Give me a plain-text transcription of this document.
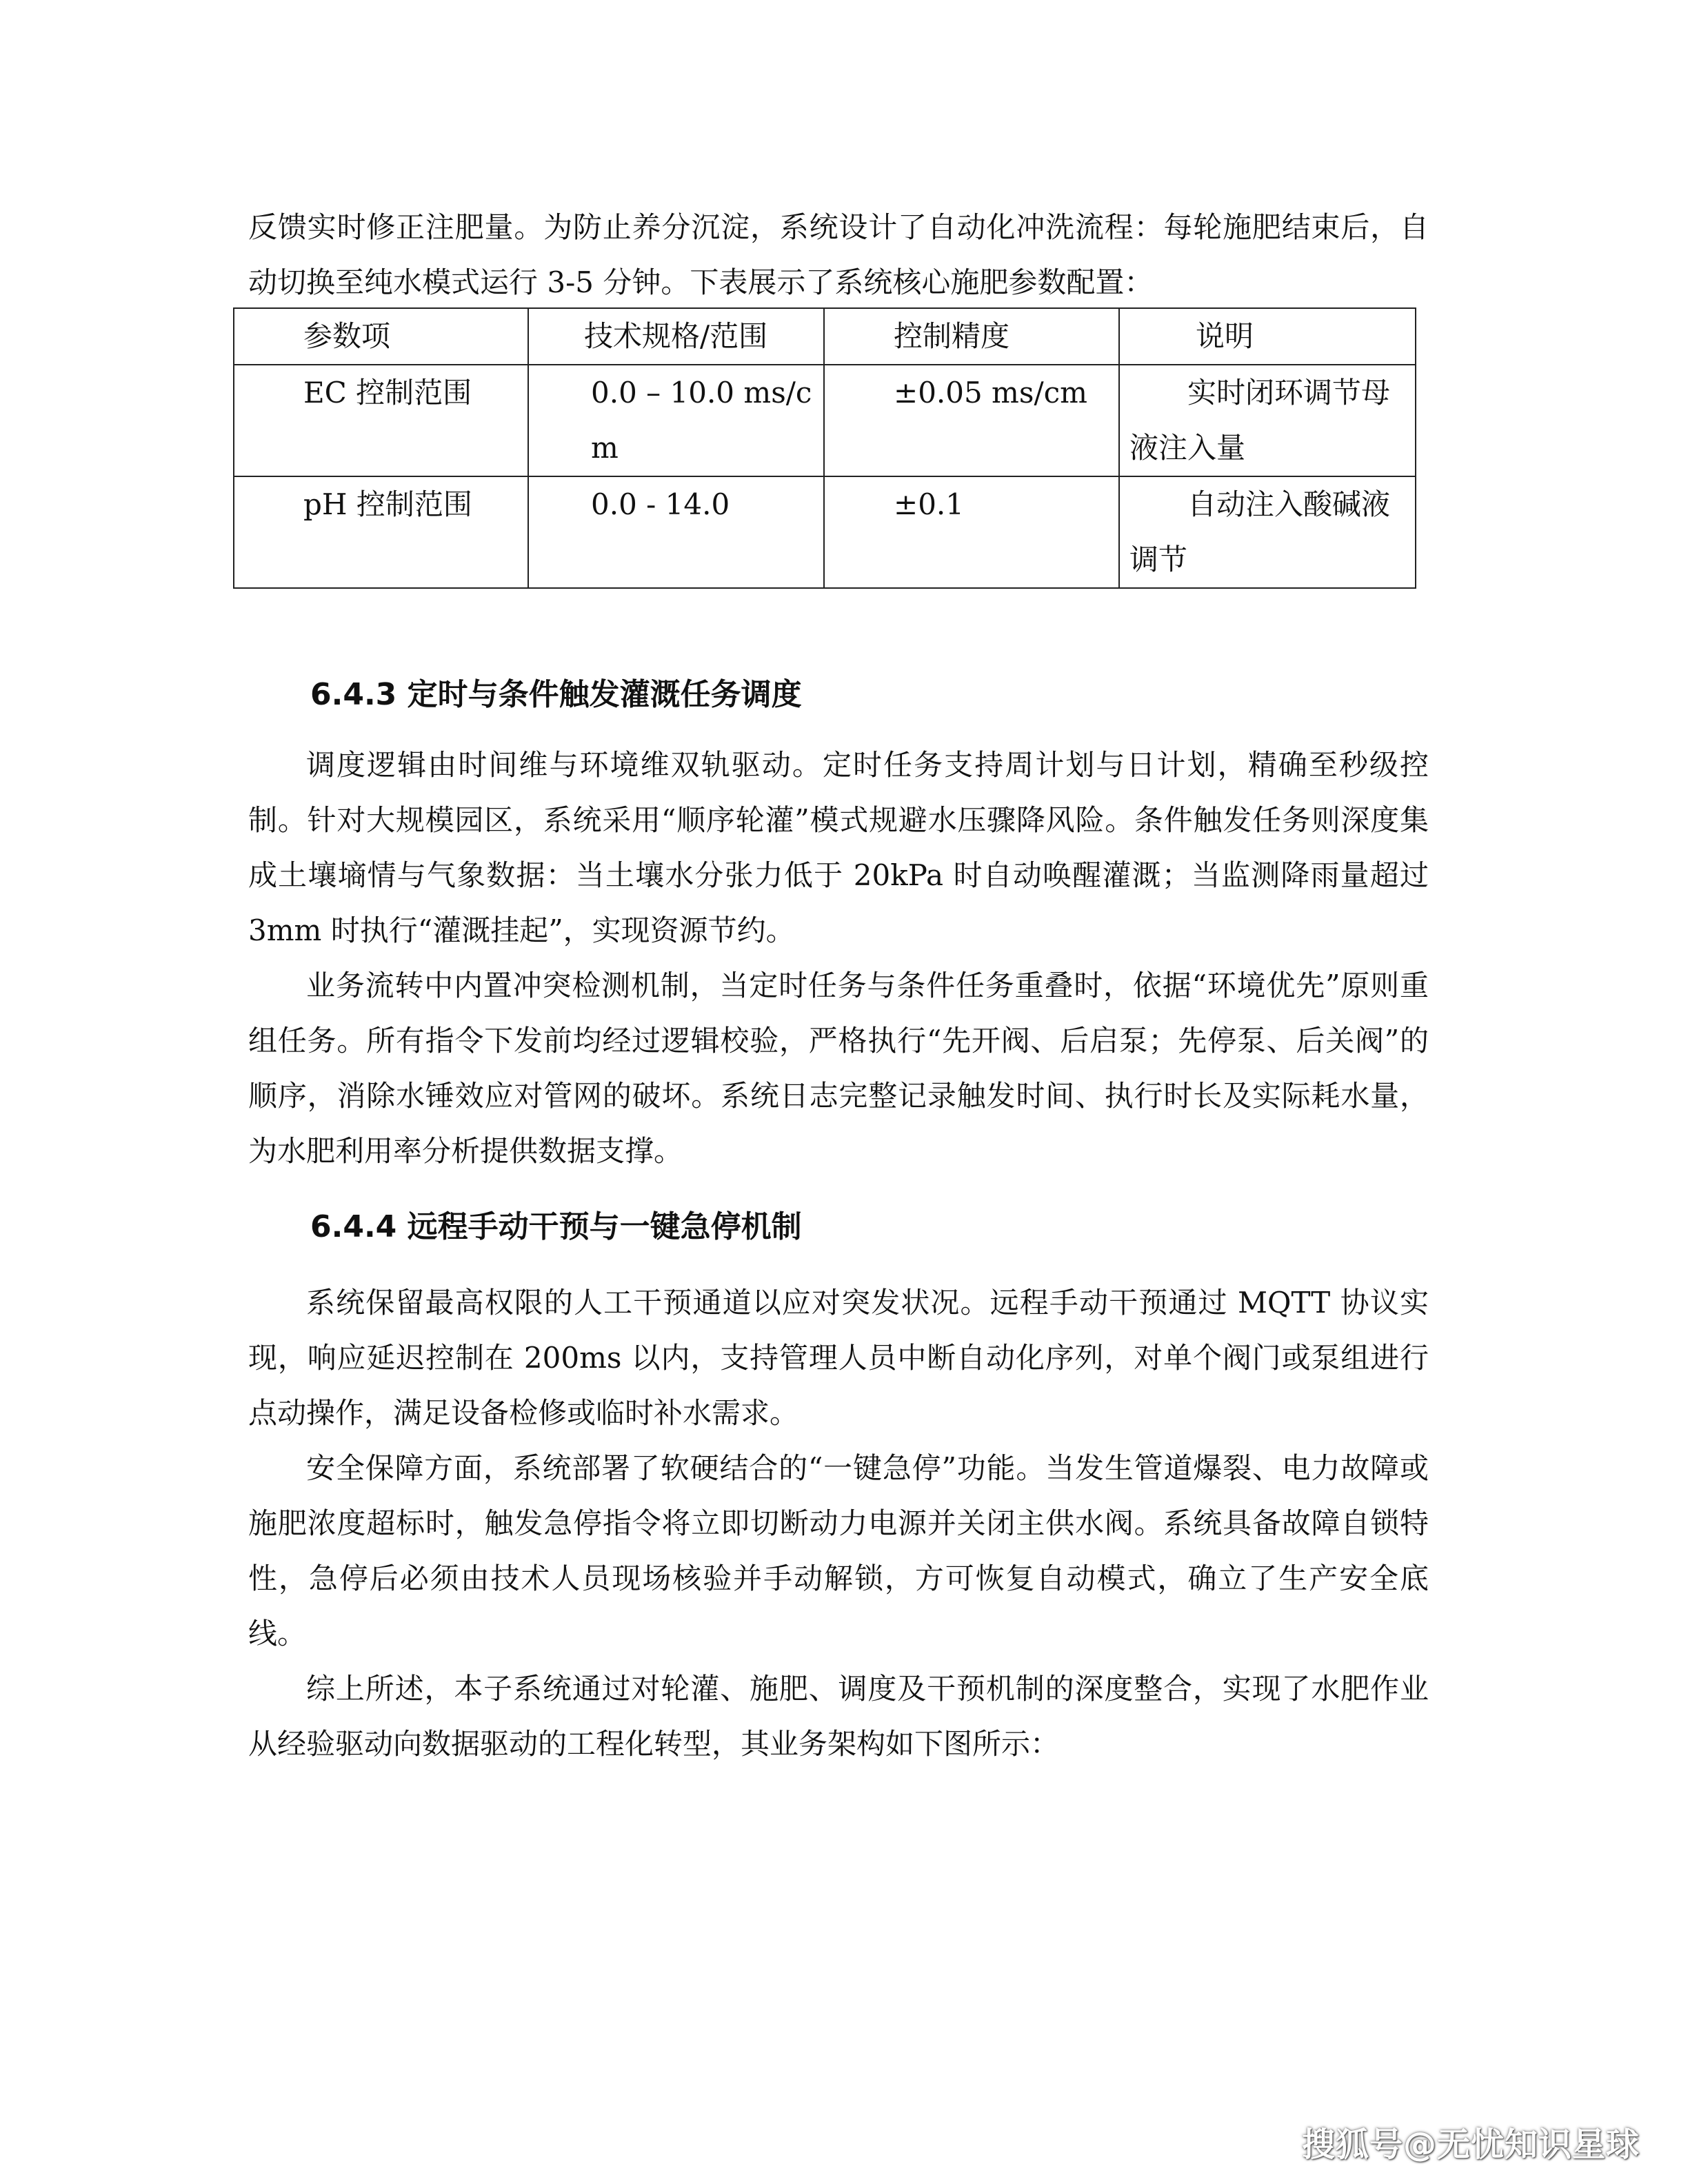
反馈实时修正注肥量。为防止养分沉淀，系统设计了自动化冲洗流程：每轮施肥结束后，自动切换至纯水模式运行 3-5 分钟。下表展示了系统核心施肥参数配置：

参数项	技术规格/范围	控制精度	说明
EC 控制范围	0.0 – 10.0 ms/cm	±0.05 ms/cm	实时闭环调节母液注入量
pH 控制范围	0.0 - 14.0	±0.1	自动注入酸碱液调节
6.4.3 定时与条件触发灌溉任务调度

调度逻辑由时间维与环境维双轨驱动。定时任务支持周计划与日计划，精确至秒级控制。针对大规模园区，系统采用“顺序轮灌”模式规避水压骤降风险。条件触发任务则深度集成土壤墒情与气象数据：当土壤水分张力低于 20kPa 时自动唤醒灌溉；当监测降雨量超过 3mm 时执行“灌溉挂起”，实现资源节约。

业务流转中内置冲突检测机制，当定时任务与条件任务重叠时，依据“环境优先”原则重组任务。所有指令下发前均经过逻辑校验，严格执行“先开阀、后启泵；先停泵、后关阀”的顺序，消除水锤效应对管网的破坏。系统日志完整记录触发时间、执行时长及实际耗水量，为水肥利用率分析提供数据支撑。

6.4.4 远程手动干预与一键急停机制

系统保留最高权限的人工干预通道以应对突发状况。远程手动干预通过 MQTT 协议实现，响应延迟控制在 200ms 以内，支持管理人员中断自动化序列，对单个阀门或泵组进行点动操作，满足设备检修或临时补水需求。

安全保障方面，系统部署了软硬结合的“一键急停”功能。当发生管道爆裂、电力故障或施肥浓度超标时，触发急停指令将立即切断动力电源并关闭主供水阀。系统具备故障自锁特性，急停后必须由技术人员现场核验并手动解锁，方可恢复自动模式，确立了生产安全底线。

综上所述，本子系统通过对轮灌、施肥、调度及干预机制的深度整合，实现了水肥作业从经验驱动向数据驱动的工程化转型，其业务架构如下图所示：

搜狐号@无忧知识星球
